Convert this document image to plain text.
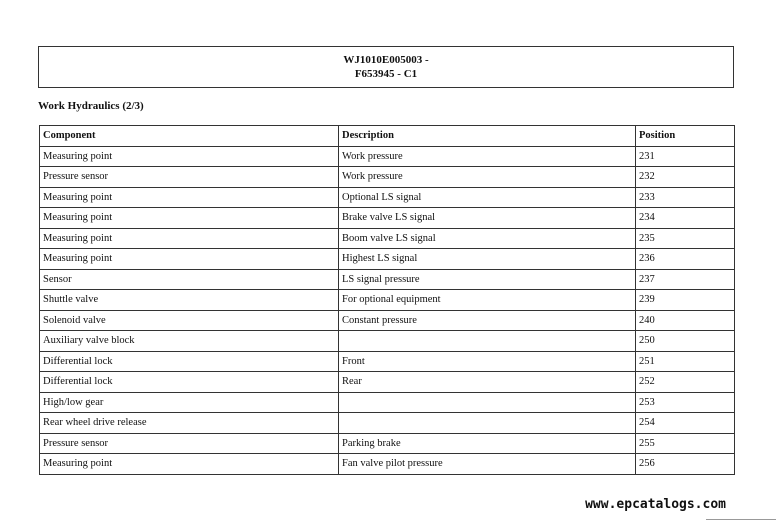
WJ1010E005003 -
F653945 - C1
Work Hydraulics (2/3)
Component	Description	Position
Measuring point	Work pressure	231
Pressure sensor	Work pressure	232
Measuring point	Optional LS signal	233
Measuring point	Brake valve LS signal	234
Measuring point	Boom valve LS signal	235
Measuring point	Highest LS signal	236
Sensor	LS signal pressure	237
Shuttle valve	For optional equipment	239
Solenoid valve	Constant pressure	240
Auxiliary valve block		250
Differential lock	Front	251
Differential lock	Rear	252
High/low gear		253
Rear wheel drive release		254
Pressure sensor	Parking brake	255
Measuring point	Fan valve pilot pressure	256
www.epcatalogs.com
